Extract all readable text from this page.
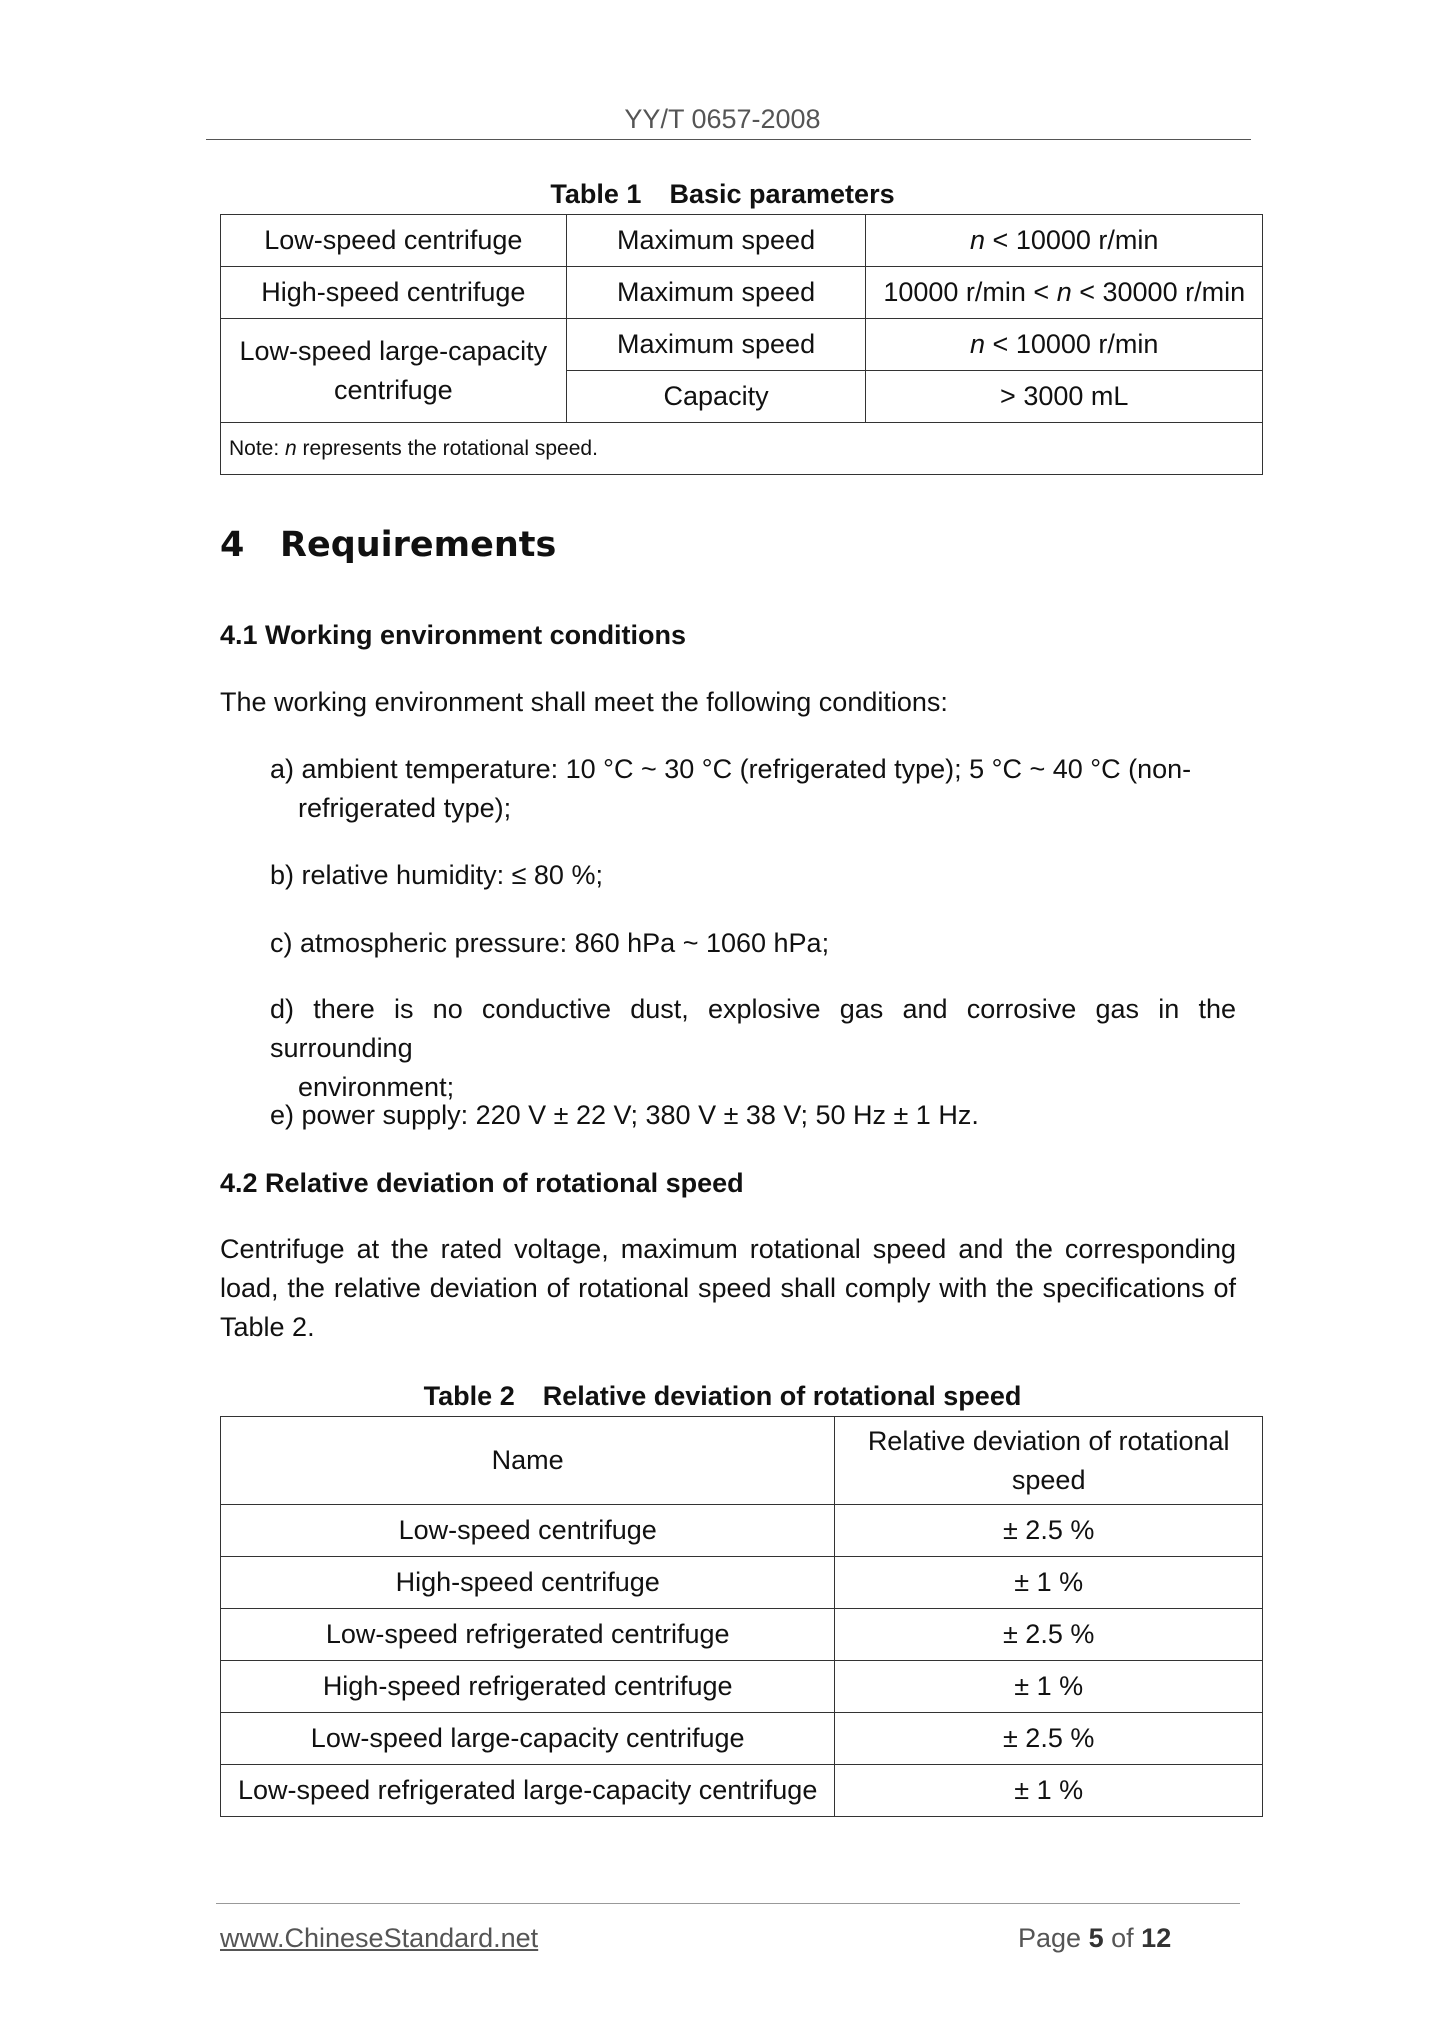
YY/T 0657-2008
Table 1 Basic parameters
Low-speed centrifuge	Maximum speed	n < 10000 r/min
High-speed centrifuge	Maximum speed	10000 r/min < n < 30000 r/min
Low-speed large-capacity centrifuge	Maximum speed	n < 10000 r/min
	Capacity	> 3000 mL
Note: n represents the rotational speed.		
4 Requirements
4.1 Working environment conditions
The working environment shall meet the following conditions:
a) ambient temperature: 10 °C ~ 30 °C (refrigerated type); 5 °C ~ 40 °C (non-
refrigerated type);
b) relative humidity: ≤ 80 %;
c) atmospheric pressure: 860 hPa ~ 1060 hPa;
d) there is no conductive dust, explosive gas and corrosive gas in the surrounding
environment;
e) power supply: 220 V ± 22 V; 380 V ± 38 V; 50 Hz ± 1 Hz.
4.2 Relative deviation of rotational speed
Centrifuge at the rated voltage, maximum rotational speed and the corresponding load, the relative deviation of rotational speed shall comply with the specifications of Table 2.
Table 2 Relative deviation of rotational speed
Name	Relative deviation of rotational speed
Low-speed centrifuge	± 2.5 %
High-speed centrifuge	± 1 %
Low-speed refrigerated centrifuge	± 2.5 %
High-speed refrigerated centrifuge	± 1 %
Low-speed large-capacity centrifuge	± 2.5 %
Low-speed refrigerated large-capacity centrifuge	± 1 %
www.ChineseStandard.net	Page 5 of 12
